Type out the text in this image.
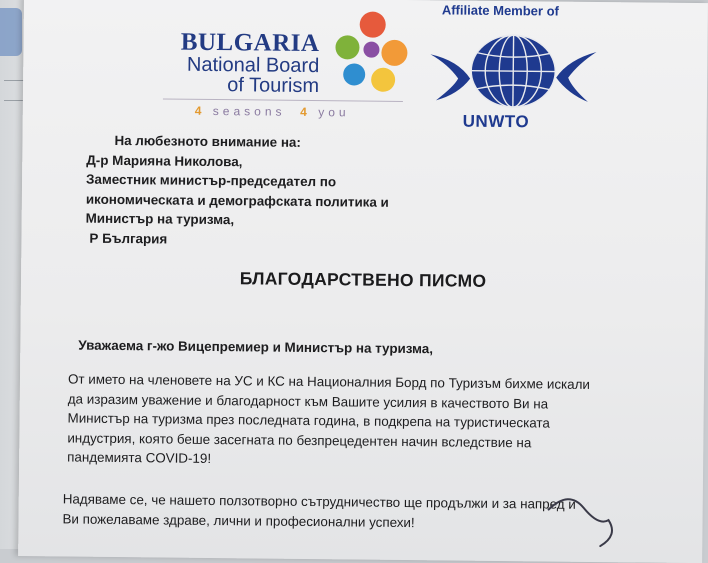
BULGARIA
National Board
of Tourism
4 seasons 4 you
Affiliate Member of
UNWTO
На любезното внимание на:
Д-р Марияна Николова,
Заместник министър-председател по
икономическата и демографската политика и
Министър на туризма,
Р България
БЛАГОДАРСТВЕНО ПИСМО
Уважаема г-жо Вицепремиер и Министър на туризма,
От името на членовете на УС и КС на Националния Борд по Туризъм бихме искали
да изразим уважение и благодарност към Вашите усилия в качеството Ви на
Министър на туризма през последната година, в подкрепа на туристическата
индустрия, която беше засегната по безпрецедентен начин вследствие на
пандемията COVID-19!
Надяваме се, че нашето ползотворно сътрудничество ще продължи и за напред и
Ви пожелаваме здраве, лични и професионални успехи!
